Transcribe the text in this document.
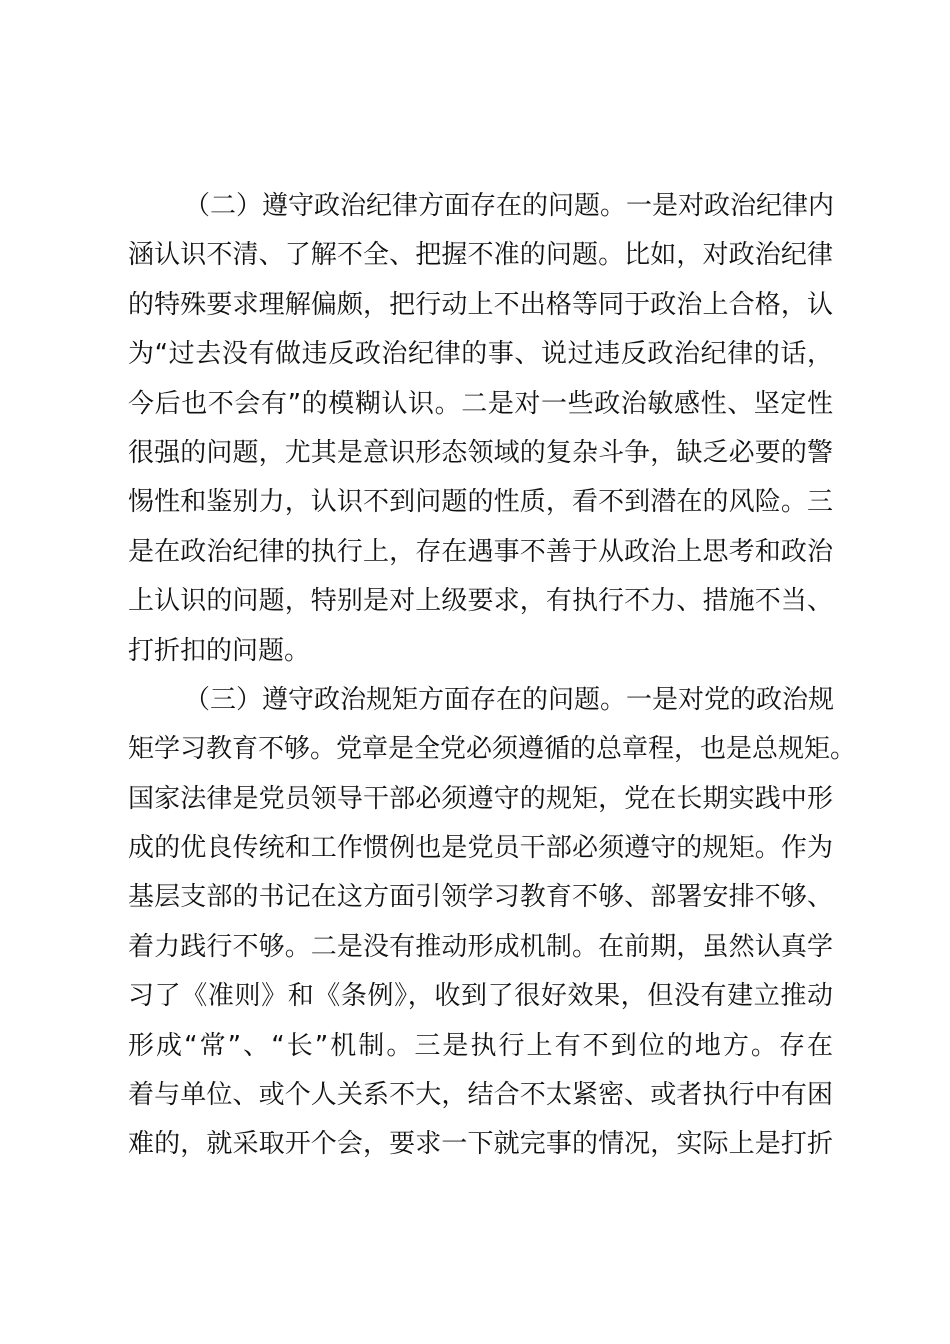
（二）遵守政治纪律方面存在的问题。一是对政治纪律内
涵认识不清、了解不全、把握不准的问题。比如，对政治纪律
的特殊要求理解偏颇，把行动上不出格等同于政治上合格，认
为“过去没有做违反政治纪律的事、说过违反政治纪律的话，
今后也不会有”的模糊认识。二是对一些政治敏感性、坚定性
很强的问题，尤其是意识形态领域的复杂斗争，缺乏必要的警
惕性和鉴别力，认识不到问题的性质，看不到潜在的风险。三
是在政治纪律的执行上，存在遇事不善于从政治上思考和政治
上认识的问题，特别是对上级要求，有执行不力、措施不当、
打折扣的问题。
（三）遵守政治规矩方面存在的问题。一是对党的政治规
矩学习教育不够。党章是全党必须遵循的总章程，也是总规矩。
国家法律是党员领导干部必须遵守的规矩，党在长期实践中形
成的优良传统和工作惯例也是党员干部必须遵守的规矩。作为
基层支部的书记在这方面引领学习教育不够、部署安排不够、
着力践行不够。二是没有推动形成机制。在前期，虽然认真学
习了《准则》和《条例》，收到了很好效果，但没有建立推动
形成“常”、“长”机制。三是执行上有不到位的地方。存在
着与单位、或个人关系不大，结合不太紧密、或者执行中有困
难的，就采取开个会，要求一下就完事的情况，实际上是打折
